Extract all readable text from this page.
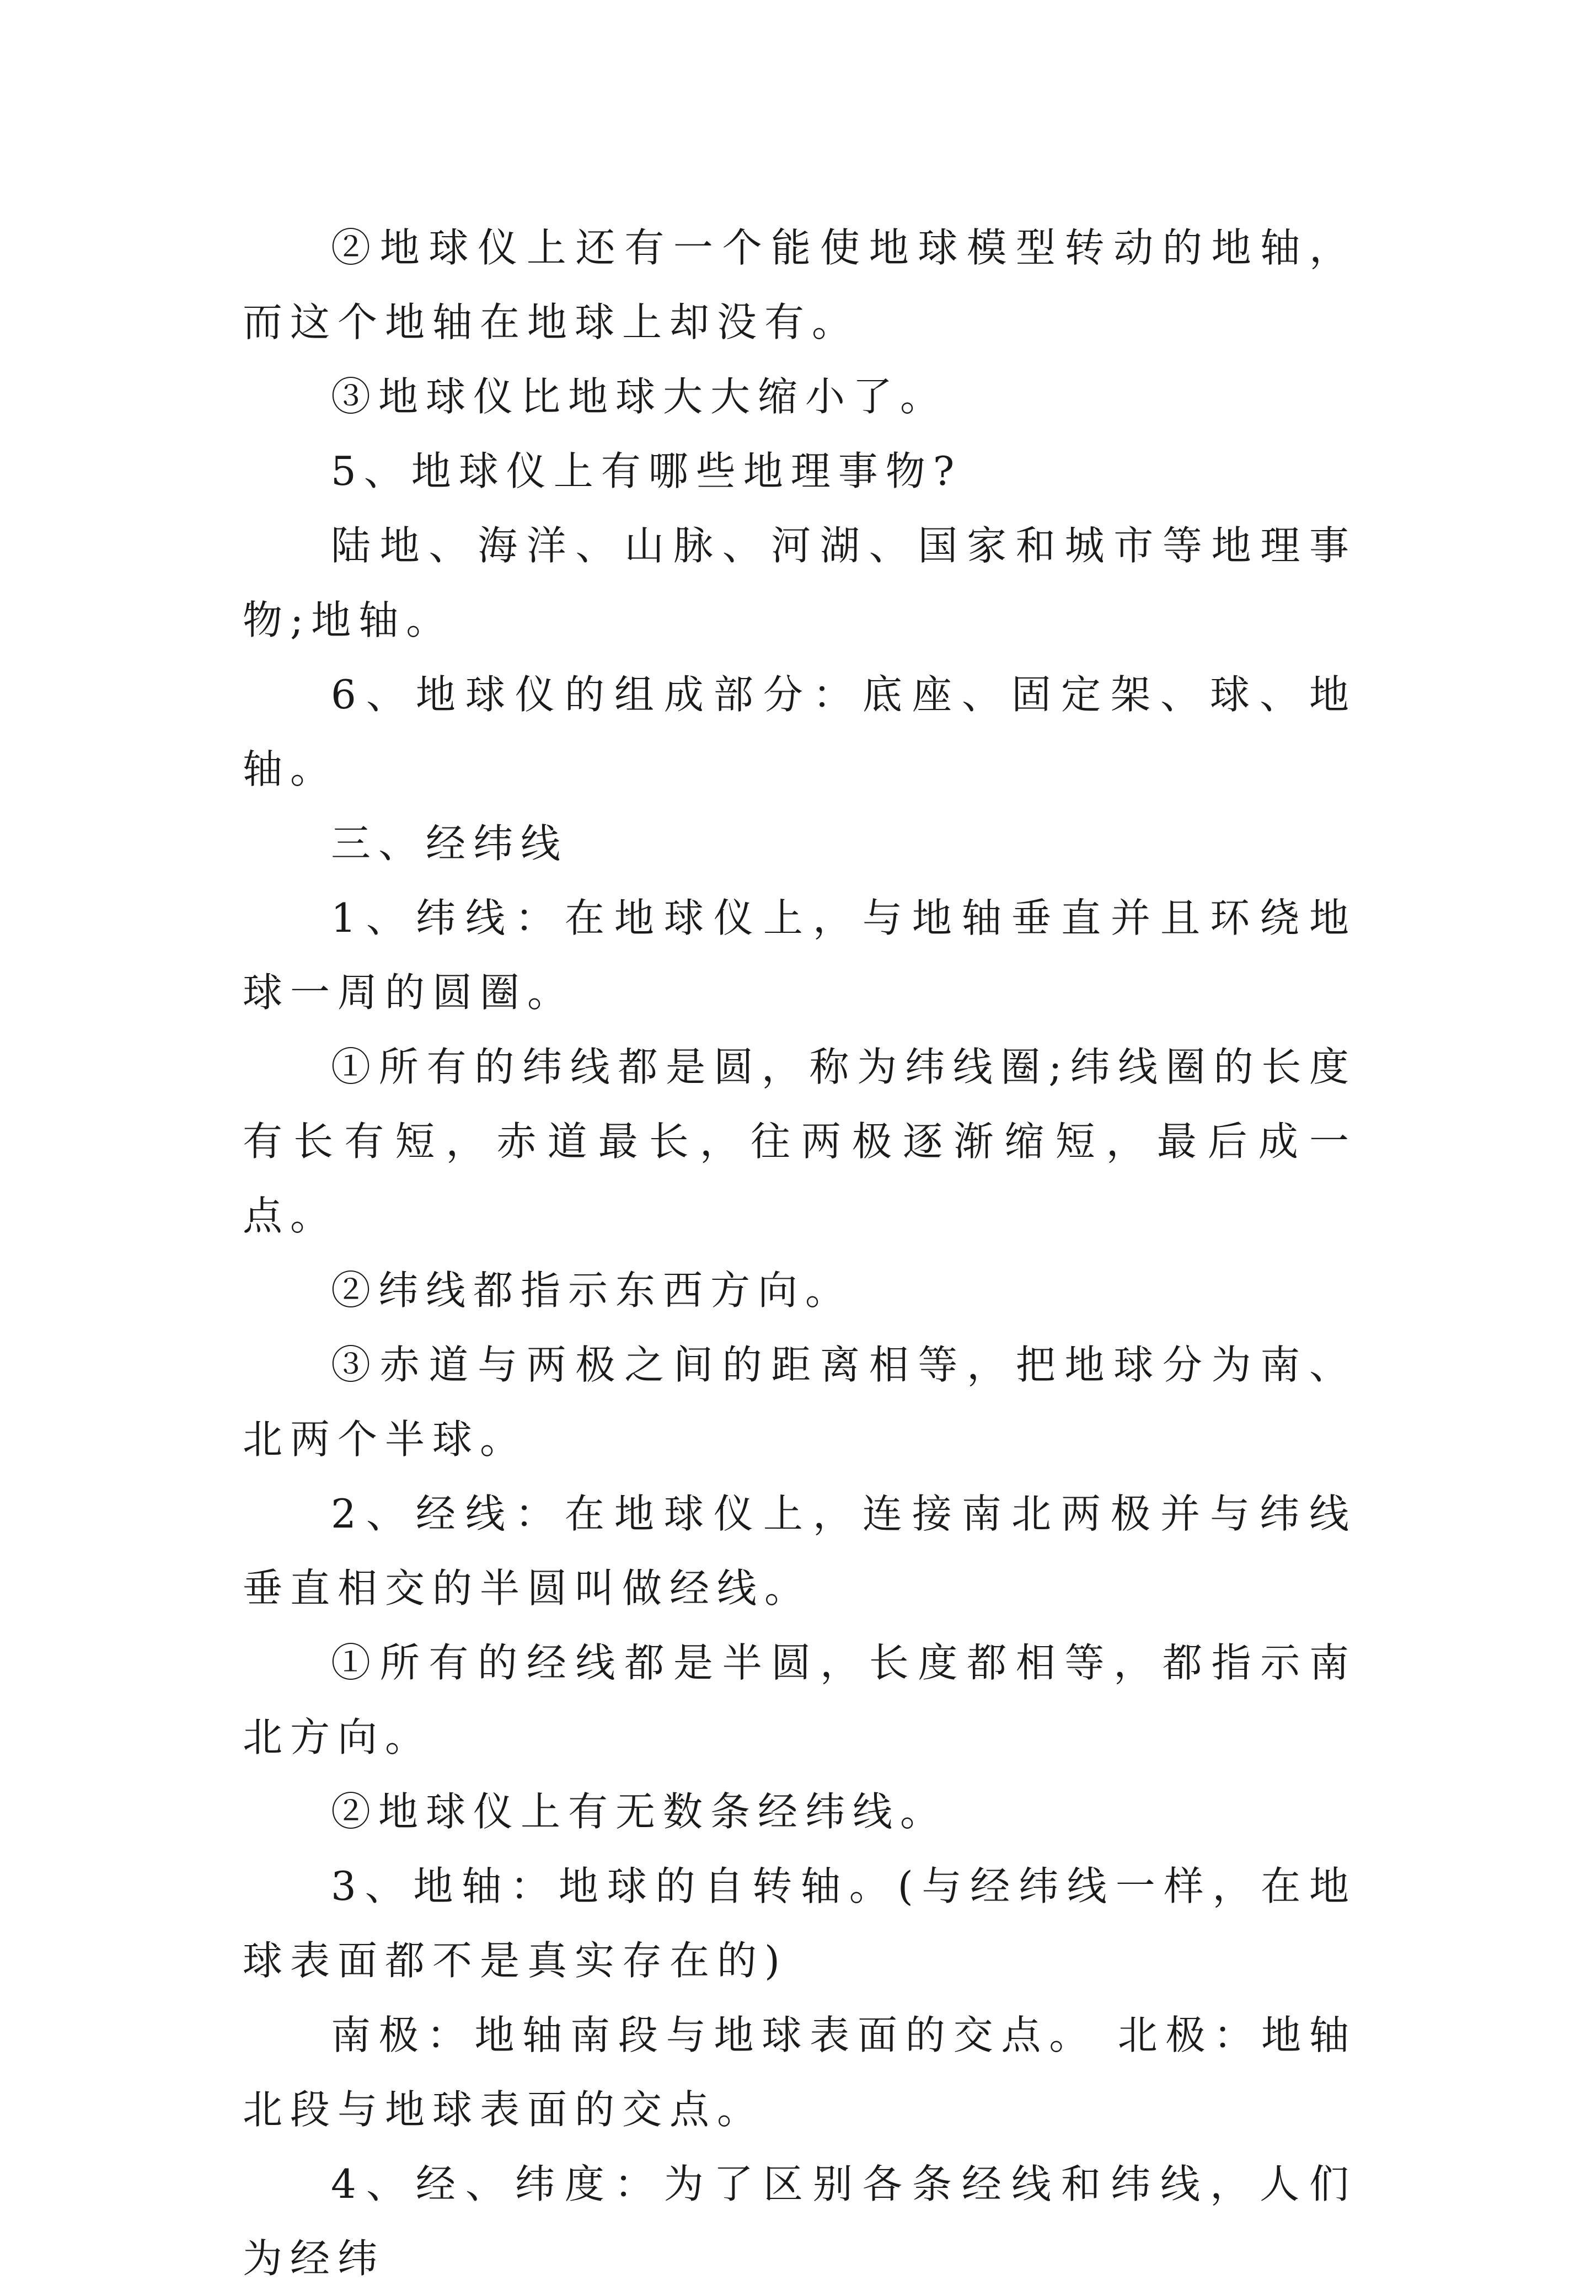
②地球仪上还有一个能使地球模型转动的地轴，而这个地轴在地球上却没有。

③地球仪比地球大大缩小了。

5、地球仪上有哪些地理事物?

陆地、海洋、山脉、河湖、国家和城市等地理事物;地轴。

6、地球仪的组成部分：底座、固定架、球、地轴。

三、经纬线

1、纬线：在地球仪上，与地轴垂直并且环绕地球一周的圆圈。

①所有的纬线都是圆，称为纬线圈;纬线圈的长度有长有短，赤道最长，往两极逐渐缩短，最后成一点。

②纬线都指示东西方向。

③赤道与两极之间的距离相等，把地球分为南、北两个半球。

2、经线：在地球仪上，连接南北两极并与纬线垂直相交的半圆叫做经线。

①所有的经线都是半圆，长度都相等，都指示南北方向。

②地球仪上有无数条经纬线。

3、地轴：地球的自转轴。(与经纬线一样，在地球表面都不是真实存在的)

南极：地轴南段与地球表面的交点。 北极：地轴北段与地球表面的交点。

4、经、纬度：为了区别各条经线和纬线，人们为经纬
